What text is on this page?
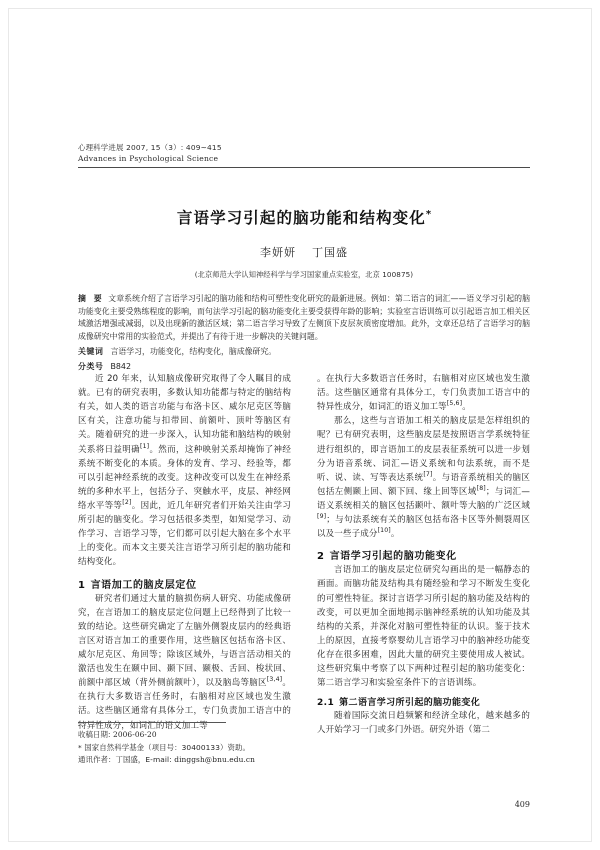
心理科学进展 2007, 15（3）: 409~415
Advances in Psychological Science
言语学习引起的脑功能和结构变化*
李妍妍 丁国盛
(北京师范大学认知神经科学与学习国家重点实验室，北京 100875)
摘 要 文章系统介绍了言语学习引起的脑功能和结构可塑性变化研究的最新进展。例如：第二语言的词汇——语义学习引起的脑功能变化主要受熟练程度的影响，而句法学习引起的脑功能变化主要受获得年龄的影响；实验室言语训练可以引起语言加工相关区域激活增强或减弱，以及出现新的激活区域；第二语言学习导致了左侧顶下皮层灰质密度增加。此外，文章还总结了言语学习的脑成像研究中常用的实验范式，并提出了有待于进一步解决的关键问题。
关键词 言语学习，功能变化，结构变化，脑成像研究。
分类号 B842

近 20 年来，认知脑成像研究取得了令人瞩目的成就。已有的研究表明，多数认知功能都与特定的脑结构有关，如人类的语言功能与布洛卡区、威尔尼克区等脑区有关，注意功能与扣带回、前额叶、顶叶等脑区有关。随着研究的进一步深入，认知功能和脑结构的映射关系将日益明确[1]。然而，这种映射关系却掩饰了神经系统不断变化的本质。身体的发育、学习、经验等，都可以引起神经系统的改变。这种改变可以发生在神经系统的多种水平上，包括分子、突触水平，皮层、神经网络水平等等[2]。因此，近几年研究者们开始关注由学习所引起的脑变化。学习包括很多类型，如知觉学习、动作学习、言语学习等，它们都可以引起大脑在多个水平上的变化。而本文主要关注言语学习所引起的脑功能和结构变化。

1 言语加工的脑皮层定位

研究者们通过大量的脑损伤病人研究、功能成像研究，在言语加工的脑皮层定位问题上已经得到了比较一致的结论。这些研究确定了左脑外侧裂皮层内的经典语言区对语言加工的重要作用，这些脑区包括布洛卡区、威尔尼克区、角回等；除该区域外，与语言活动相关的激活也发生在颞中回、颞下回、颞极、舌回、梭状回、前额中部区域（背外侧前额叶），以及脑岛等脑区[3,4]。在执行大多数语言任务时，右脑相对应区域也发生激活。这些脑区通常有具体分工，专门负责加工语言中的特异性成分，如词汇的语义加工等

。在执行大多数语言任务时，右脑相对应区域也发生激活。这些脑区通常有具体分工，专门负责加工语言中的特异性成分，如词汇的语义加工等[5,6]。

那么，这些与言语加工相关的脑皮层是怎样组织的呢？已有研究表明，这些脑皮层是按照语言学系统特征进行组织的，即言语加工的皮层表征系统可以进一步划分为语音系统、词汇—语义系统和句法系统，而不是听、说、读、写等表达系统[7]。与语音系统相关的脑区包括左侧颞上回、额下回、缘上回等区域[8]；与词汇—语义系统相关的脑区包括颞叶、额叶等大脑的广泛区域[9]；与句法系统有关的脑区包括布洛卡区等外侧裂周区以及一些子成分[10]。

2 言语学习引起的脑功能变化

言语加工的脑皮层定位研究勾画出的是一幅静态的画面。而脑功能及结构具有随经验和学习不断发生变化的可塑性特征。探讨言语学习所引起的脑功能及结构的改变，可以更加全面地揭示脑神经系统的认知功能及其结构的关系，并深化对脑可塑性特征的认识。鉴于技术上的原因，直接考察婴幼儿言语学习中的脑神经功能变化存在很多困难，因此大量的研究主要使用成人被试。这些研究集中考察了以下两种过程引起的脑功能变化：第二语言学习和实验室条件下的言语训练。

2.1 第二语言学习所引起的脑功能变化

随着国际交流日趋频繁和经济全球化，越来越多的人开始学习一门或多门外语。研究外语（第二

收稿日期: 2006-06-20
* 国家自然科学基金（项目号：30400133）资助。
通讯作者：丁国盛，E-mail: dinggsh@bnu.edu.cn
409
